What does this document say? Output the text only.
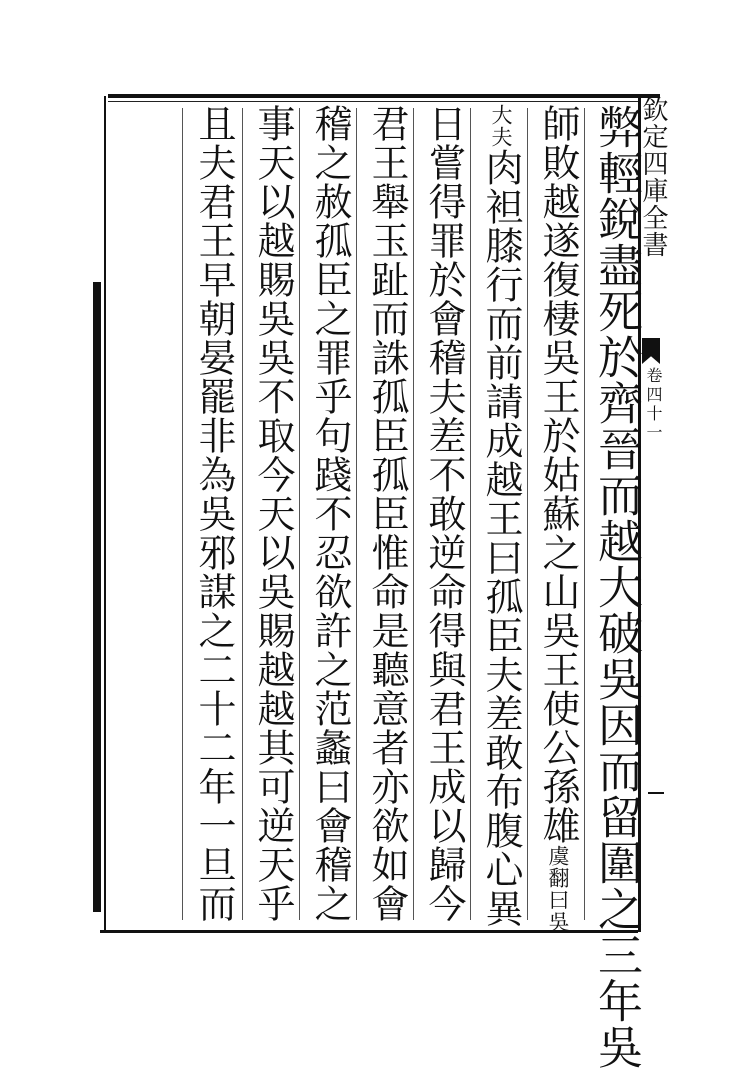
欽定四庫全書 卷四十一
弊輕銳盡死於齊晉而越大破吳因而留圍之三年吳
師敗越遂復棲吳王於姑蘇之山吳王使公孫雄虞翻曰吳
大夫肉袒膝行而前請成越王曰孤臣夫差敢布腹心異
日嘗得罪於會稽夫差不敢逆命得與君王成以歸今
君王舉玉趾而誅孤臣孤臣惟命是聽意者亦欲如會
稽之赦孤臣之罪乎句踐不忍欲許之范蠡曰會稽之
事天以越賜吳吳不取今天以吳賜越越其可逆天乎
且夫君王早朝晏罷非為吳邪謀之二十二年一旦而
